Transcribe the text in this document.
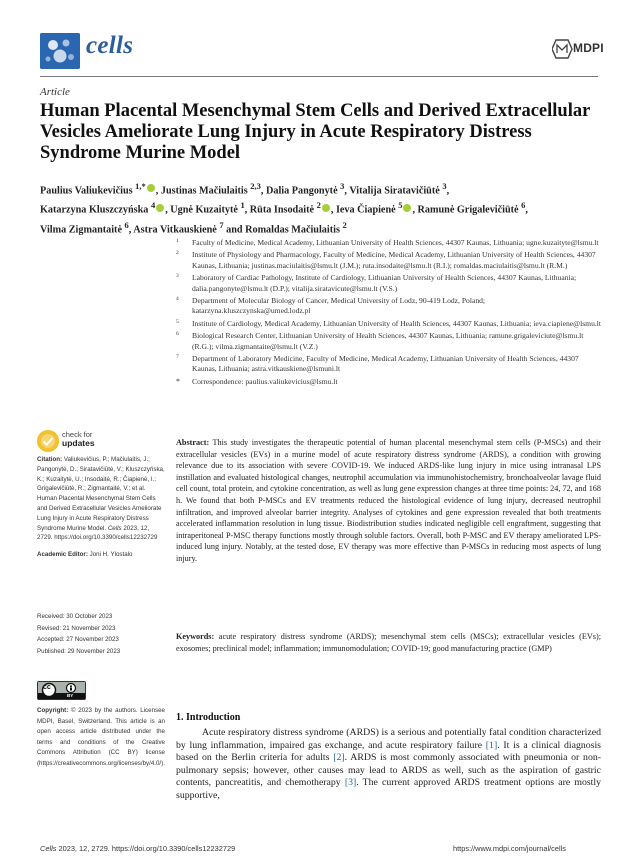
cells	MDPI
Article
Human Placental Mesenchymal Stem Cells and Derived Extracellular Vesicles Ameliorate Lung Injury in Acute Respiratory Distress Syndrome Murine Model
Paulius Valiukevičius $^{1,*}$ , Justinas Mačiulaitis $^{2,3}$, Dalia Pangonytė $^3$, Vitalija Siratavičiūtė $^3$,
Katarzyna Kluszczyńska $^4$ , Ugnė Kuzaitytė $^1$, Rūta Insodaitė $^2$ , Ieva Čiapienė $^5$ , Ramunė Grigalevičiūtė $^6$,
Vilma Zigmantaitė $^6$, Astra Vitkauskienė $^7$ and Romaldas Mačiulaitis $^2$
1 Faculty of Medicine, Medical Academy, Lithuanian University of Health Sciences, 44307 Kaunas, Lithuania; ugne.kuzaityte@lsmu.lt
2 Institute of Physiology and Pharmacology, Faculty of Medicine, Medical Academy, Lithuanian University of Health Sciences, 44307 Kaunas, Lithuania; justinas.maciulaitis@lsmu.lt (J.M.); ruta.insodaite@lsmu.lt (R.I.); romaldas.maciulaitis@lsmu.lt (R.M.)
3 Laboratory of Cardiac Pathology, Institute of Cardiology, Lithuanian University of Health Sciences, 44307 Kaunas, Lithuania; dalia.pangonyte@lsmu.lt (D.P.); vitalija.siratavicute@lsmu.lt (V.S.)
4 Department of Molecular Biology of Cancer, Medical University of Lodz, 90-419 Lodz, Poland; katarzyna.kluszczynska@umed.lodz.pl
5 Institute of Cardiology, Medical Academy, Lithuanian University of Health Sciences, 44307 Kaunas, Lithuania; ieva.ciapiene@lsmu.lt
6 Biological Research Center, Lithuanian University of Health Sciences, 44307 Kaunas, Lithuania; ramune.grigaleviciute@lsmu.lt (R.G.); vilma.zigmantaite@lsmu.lt (V.Z.)
7 Department of Laboratory Medicine, Faculty of Medicine, Medical Academy, Lithuanian University of Health Sciences, 44307 Kaunas, Lithuania; astra.vitkauskiene@lsmuni.lt
* Correspondence: paulius.valiukevicius@lsmu.lt
check for
updates
Citation: Valiukevičius, P.; Mačiulaitis, J.; Pangonytė, D.; Siratavičiūtė, V.; Kluszczyńska, K.; Kuzaitytė, U.; Insodaitė, R.; Čiapienė, I.; Grigalevičiūtė, R.; Zigmantaitė, V.; et al. Human Placental Mesenchymal Stem Cells and Derived Extracellular Vesicles Ameliorate Lung Injury in Acute Respiratory Distress Syndrome Murine Model. Cells 2023, 12, 2729. https://doi.org/10.3390/cells12232729
Academic Editor: Joni H. Ylostalo
Received: 30 October 2023
Revised: 21 November 2023
Accepted: 27 November 2023
Published: 29 November 2023
cc
BY
Copyright: © 2023 by the authors. Licensee MDPI, Basel, Switzerland. This article is an open access article distributed under the terms and conditions of the Creative Commons Attribution (CC BY) license (https://creativecommons.org/licenses/by/4.0/).
Abstract: This study investigates the therapeutic potential of human placental mesenchymal stem cells (P-MSCs) and their extracellular vesicles (EVs) in a murine model of acute respiratory distress syndrome (ARDS), a condition with growing relevance due to its association with severe COVID-19. We induced ARDS-like lung injury in mice using intranasal LPS instillation and evaluated histological changes, neutrophil accumulation via immunohistochemistry, bronchoalveolar lavage fluid cell count, total protein, and cytokine concentration, as well as lung gene expression changes at three time points: 24, 72, and 168 h. We found that both P-MSCs and EV treatments reduced the histological evidence of lung injury, decreased neutrophil infiltration, and improved alveolar barrier integrity. Analyses of cytokines and gene expression revealed that both treatments accelerated inflammation resolution in lung tissue. Biodistribution studies indicated negligible cell engraftment, suggesting that intraperitoneal P-MSC therapy functions mostly through soluble factors. Overall, both P-MSC and EV therapy ameliorated LPS-induced lung injury. Notably, at the tested dose, EV therapy was more effective than P-MSCs in reducing most aspects of lung injury.
Keywords: acute respiratory distress syndrome (ARDS); mesenchymal stem cells (MSCs); extracellular vesicles (EVs); exosomes; preclinical model; inflammation; immunomodulation; COVID-19; good manufacturing practice (GMP)
1. Introduction
Acute respiratory distress syndrome (ARDS) is a serious and potentially fatal condition characterized by lung inflammation, impaired gas exchange, and acute respiratory failure [1]. It is a clinical diagnosis based on the Berlin criteria for adults [2]. ARDS is most commonly associated with pneumonia or non-pulmonary sepsis; however, other causes may lead to ARDS as well, such as the aspiration of gastric contents, pancreatitis, and chemotherapy [3]. The current approved ARDS treatment options are mostly supportive,
Cells 2023, 12, 2729. https://doi.org/10.3390/cells12232729	https://www.mdpi.com/journal/cells
